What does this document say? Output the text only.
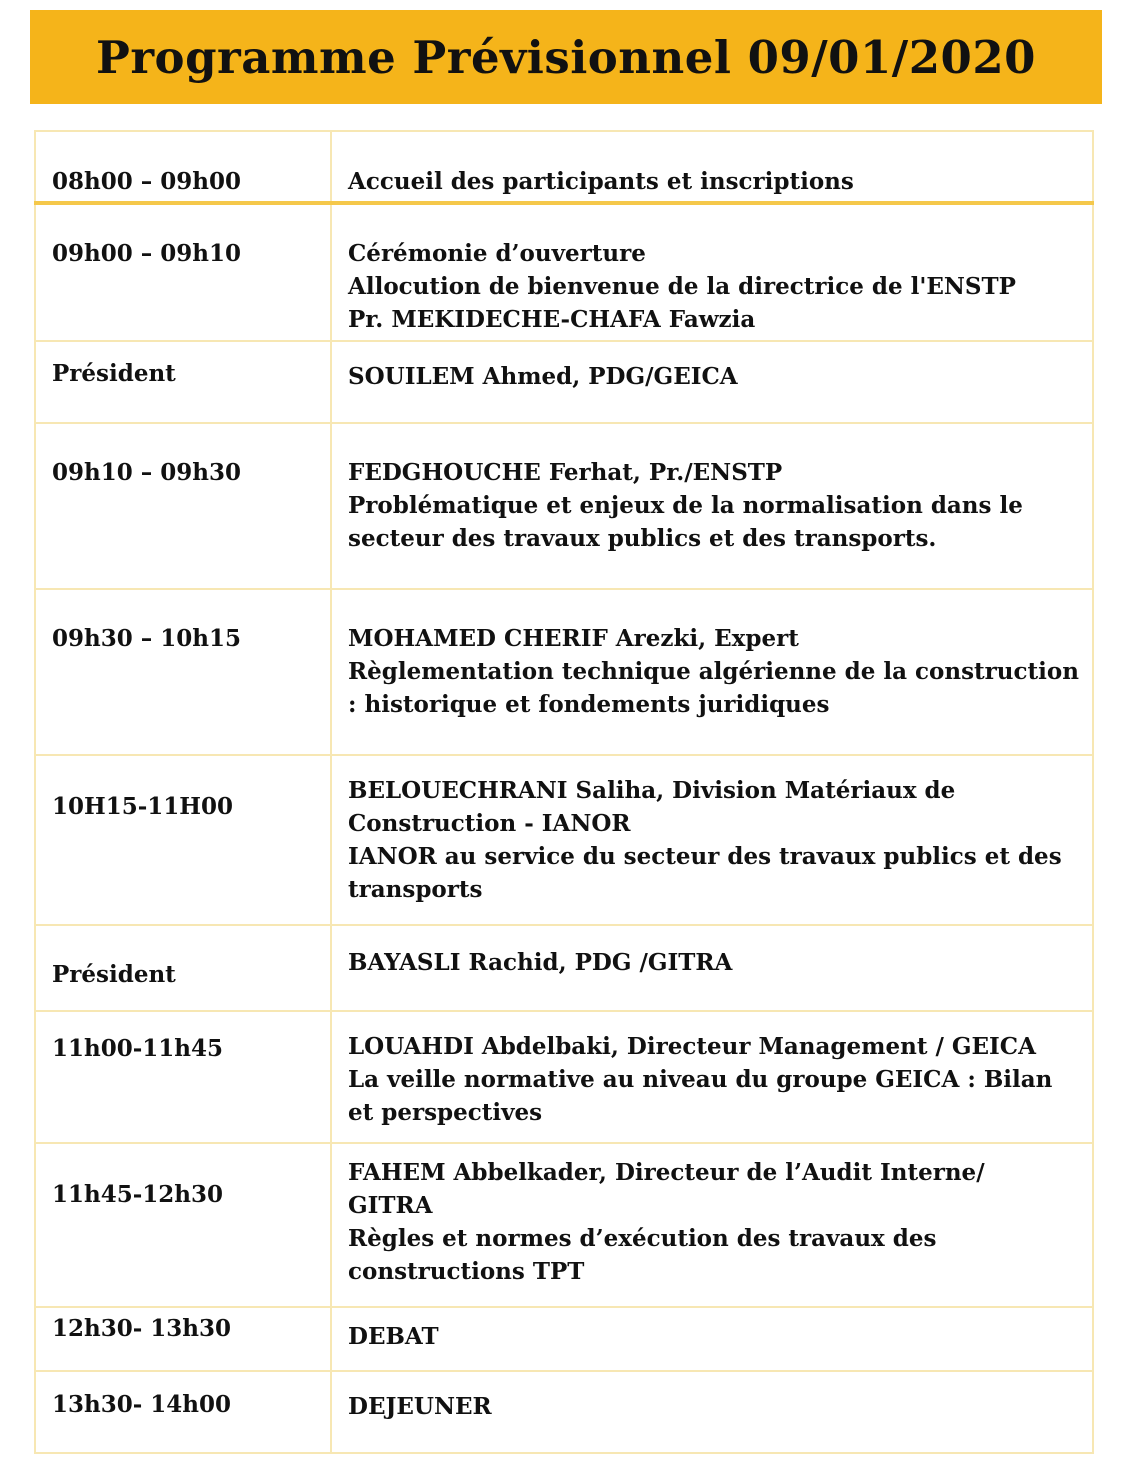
Programme Prévisionnel 09/01/2020
08h00 – 09h00	Accueil des participants et inscriptions

09h00 – 09h10	Cérémonie d’ouverture
Allocution de bienvenue de la directrice de l'ENSTP
Pr. MEKIDECHE-CHAFA Fawzia

Président	SOUILEM Ahmed, PDG/GEICA

09h10 – 09h30	FEDGHOUCHE Ferhat, Pr./ENSTP
Problématique et enjeux de la normalisation dans le
secteur des travaux publics et des transports.

09h30 – 10h15	MOHAMED CHERIF Arezki, Expert
Règlementation technique algérienne de la construction
: historique et fondements juridiques

10H15-11H00	BELOUECHRANI Saliha, Division Matériaux de
Construction - IANOR
IANOR au service du secteur des travaux publics et des
transports

Président	BAYASLI Rachid, PDG /GITRA

11h00-11h45	LOUAHDI Abdelbaki, Directeur Management / GEICA
La veille normative au niveau du groupe GEICA : Bilan
et perspectives

11h45-12h30	FAHEM Abbelkader, Directeur de l’Audit Interne/
GITRA
Règles et normes d’exécution des travaux des
constructions TPT

12h30- 13h30	DEBAT

13h30- 14h00	DEJEUNER
